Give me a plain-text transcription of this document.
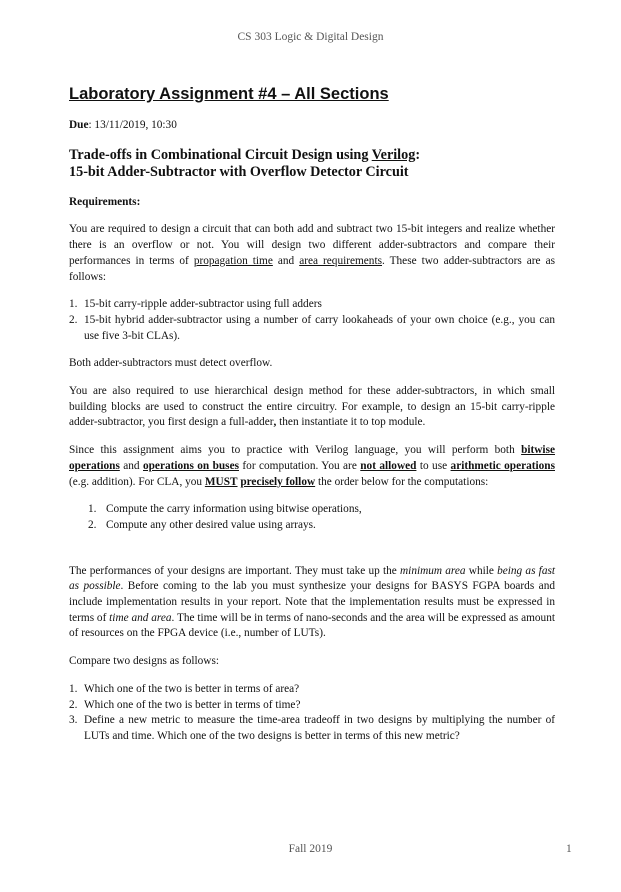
CS 303 Logic & Digital Design
Laboratory Assignment #4 – All Sections

Due: 13/11/2019, 10:30

Trade-offs in Combinational Circuit Design using Verilog:
15-bit Adder-Subtractor with Overflow Detector Circuit

Requirements:

You are required to design a circuit that can both add and subtract two 15-bit integers and realize whether there is an overflow or not. You will design two different adder-subtractors and compare their performances in terms of propagation time and area requirements. These two adder-subtractors are as follows:

1. 15-bit carry-ripple adder-subtractor using full adders
2. 15-bit hybrid adder-subtractor using a number of carry lookaheads of your own choice (e.g., you can use five 3-bit CLAs).

Both adder-subtractors must detect overflow.

You are also required to use hierarchical design method for these adder-subtractors, in which small building blocks are used to construct the entire circuitry. For example, to design an 15-bit carry-ripple adder-subtractor, you first design a full-adder, then instantiate it to top module.

Since this assignment aims you to practice with Verilog language, you will perform both bitwise operations and operations on buses for computation. You are not allowed to use arithmetic operations (e.g. addition). For CLA, you MUST precisely follow the order below for the computations:

1. Compute the carry information using bitwise operations,
2. Compute any other desired value using arrays.

The performances of your designs are important. They must take up the minimum area while being as fast as possible. Before coming to the lab you must synthesize your designs for BASYS FGPA boards and include implementation results in your report. Note that the implementation results must be expressed in terms of time and area. The time will be in terms of nano-seconds and the area will be expressed as amount of resources on the FPGA device (i.e., number of LUTs).

Compare two designs as follows:

1. Which one of the two is better in terms of area?
2. Which one of the two is better in terms of time?
3. Define a new metric to measure the time-area tradeoff in two designs by multiplying the number of LUTs and time. Which one of the two designs is better in terms of this new metric?
Fall 2019	1
